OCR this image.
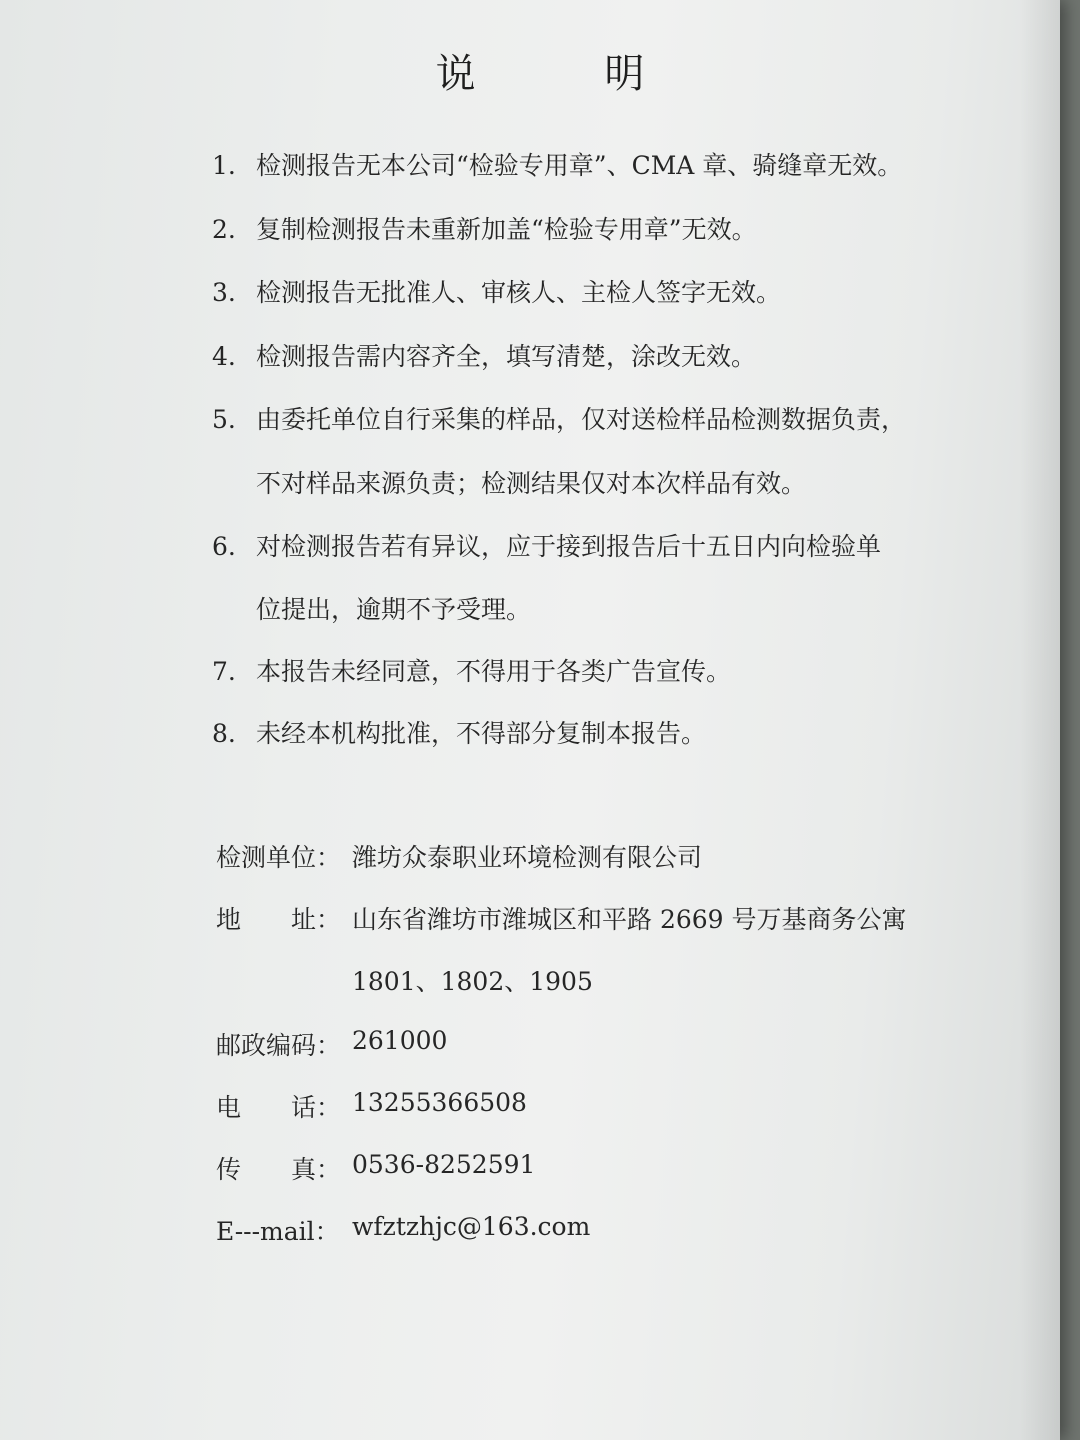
说 明
1. 检测报告无本公司“检验专用章”、CMA 章、骑缝章无效。
2. 复制检测报告未重新加盖“检验专用章”无效。
3. 检测报告无批准人、审核人、主检人签字无效。
4. 检测报告需内容齐全，填写清楚，涂改无效。
5. 由委托单位自行采集的样品，仅对送检样品检测数据负责，
不对样品来源负责；检测结果仅对本次样品有效。
6. 对检测报告若有异议，应于接到报告后十五日内向检验单
位提出，逾期不予受理。
7. 本报告未经同意，不得用于各类广告宣传。
8. 未经本机构批准，不得部分复制本报告。
检测单位： 潍坊众泰职业环境检测有限公司
地　　址： 山东省潍坊市潍城区和平路 2669 号万基商务公寓
1801、1802、1905
邮政编码： 261000
电　　话： 13255366508
传　　真： 0536-8252591
E---mail： wfztzhjc@163.com
